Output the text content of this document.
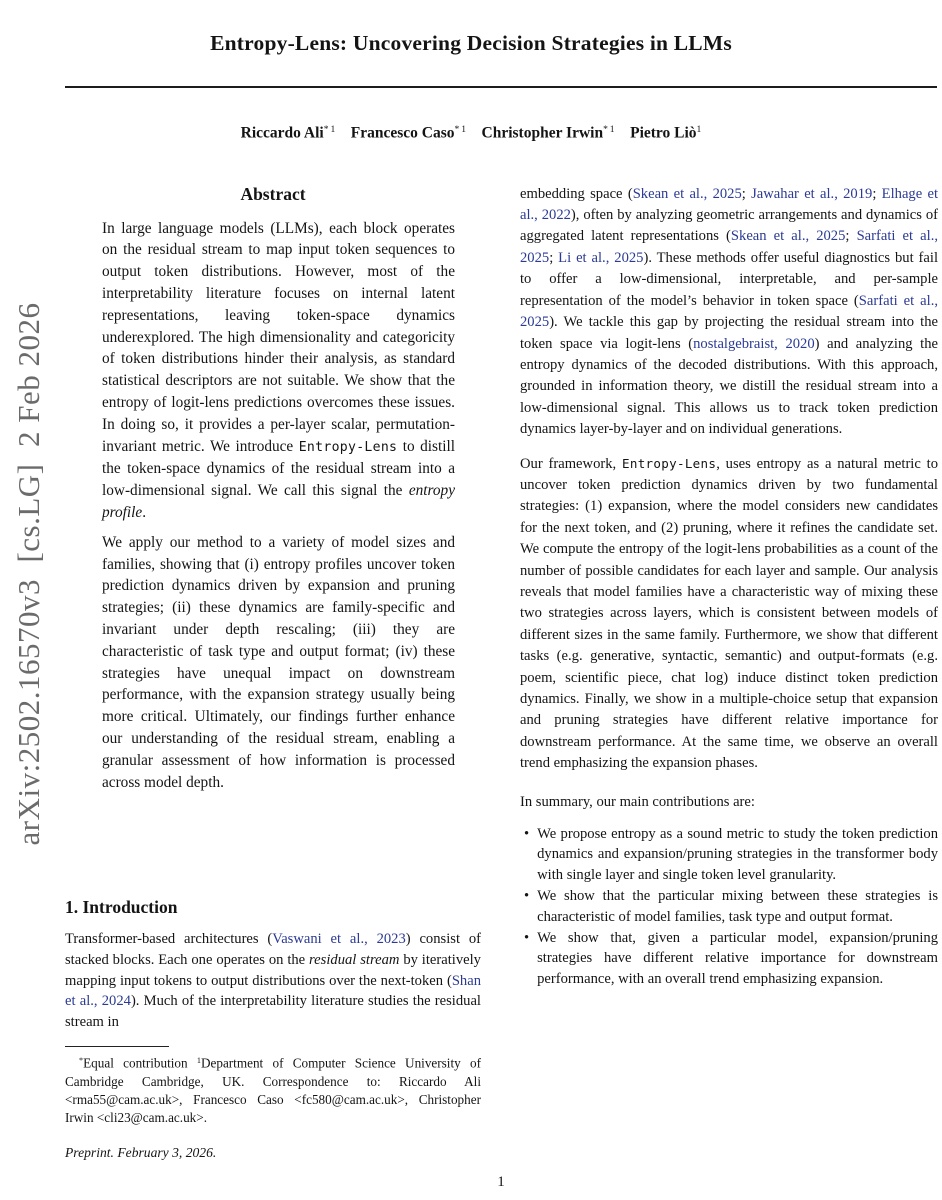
arXiv:2502.16570v3  [cs.LG]  2 Feb 2026
Entropy-Lens: Uncovering Decision Strategies in LLMs
Riccardo Ali$^{* 1}$  Francesco Caso$^{* 1}$  Christopher Irwin$^{* 1}$  Pietro Liò$^1$
Abstract

In large language models (LLMs), each block operates on the residual stream to map input token sequences to output token distributions. However, most of the interpretability literature focuses on internal latent representations, leaving token-space dynamics underexplored. The high dimensionality and categoricity of token distributions hinder their analysis, as standard statistical descriptors are not suitable. We show that the entropy of logit-lens predictions overcomes these issues. In doing so, it provides a per-layer scalar, permutation-invariant metric. We introduce Entropy-Lens to distill the token-space dynamics of the residual stream into a low-dimensional signal. We call this signal the entropy profile.

We apply our method to a variety of model sizes and families, showing that (i) entropy profiles uncover token prediction dynamics driven by expansion and pruning strategies; (ii) these dynamics are family-specific and invariant under depth rescaling; (iii) they are characteristic of task type and output format; (iv) these strategies have unequal impact on downstream performance, with the expansion strategy usually being more critical. Ultimately, our findings further enhance our understanding of the residual stream, enabling a granular assessment of how information is processed across model depth.

1. Introduction

Transformer-based architectures (Vaswani et al., 2023) consist of stacked blocks. Each one operates on the residual stream by iteratively mapping input tokens to output distributions over the next-token (Shan et al., 2024). Much of the interpretability literature studies the residual stream in

*Equal contribution $^1$Department of Computer Science University of Cambridge Cambridge, UK. Correspondence to: Riccardo Ali <rma55@cam.ac.uk>, Francesco Caso <fc580@cam.ac.uk>, Christopher Irwin <cli23@cam.ac.uk>.

Preprint. February 3, 2026.

embedding space (Skean et al., 2025; Jawahar et al., 2019; Elhage et al., 2022), often by analyzing geometric arrangements and dynamics of aggregated latent representations (Skean et al., 2025; Sarfati et al., 2025; Li et al., 2025). These methods offer useful diagnostics but fail to offer a low-dimensional, interpretable, and per-sample representation of the model’s behavior in token space (Sarfati et al., 2025). We tackle this gap by projecting the residual stream into the token space via logit-lens (nostalgebraist, 2020) and analyzing the entropy dynamics of the decoded distributions. With this approach, grounded in information theory, we distill the residual stream into a low-dimensional signal. This allows us to track token prediction dynamics layer-by-layer and on individual generations.

Our framework, Entropy-Lens, uses entropy as a natural metric to uncover token prediction dynamics driven by two fundamental strategies: (1) expansion, where the model considers new candidates for the next token, and (2) pruning, where it refines the candidate set. We compute the entropy of the logit-lens probabilities as a count of the number of possible candidates for each layer and sample. Our analysis reveals that model families have a characteristic way of mixing these two strategies across layers, which is consistent between models of different sizes in the same family. Furthermore, we show that different tasks (e.g. generative, syntactic, semantic) and output-formats (e.g. poem, scientific piece, chat log) induce distinct token prediction dynamics. Finally, we show in a multiple-choice setup that expansion and pruning strategies have different relative importance for downstream performance. At the same time, we observe an overall trend emphasizing the expansion phases.

In summary, our main contributions are:

• We propose entropy as a sound metric to study the token prediction dynamics and expansion/pruning strategies in the transformer body with single layer and single token level granularity.
• We show that the particular mixing between these strategies is characteristic of model families, task type and output format.
• We show that, given a particular model, expansion/pruning strategies have different relative importance for downstream performance, with an overall trend emphasizing expansion.
1
